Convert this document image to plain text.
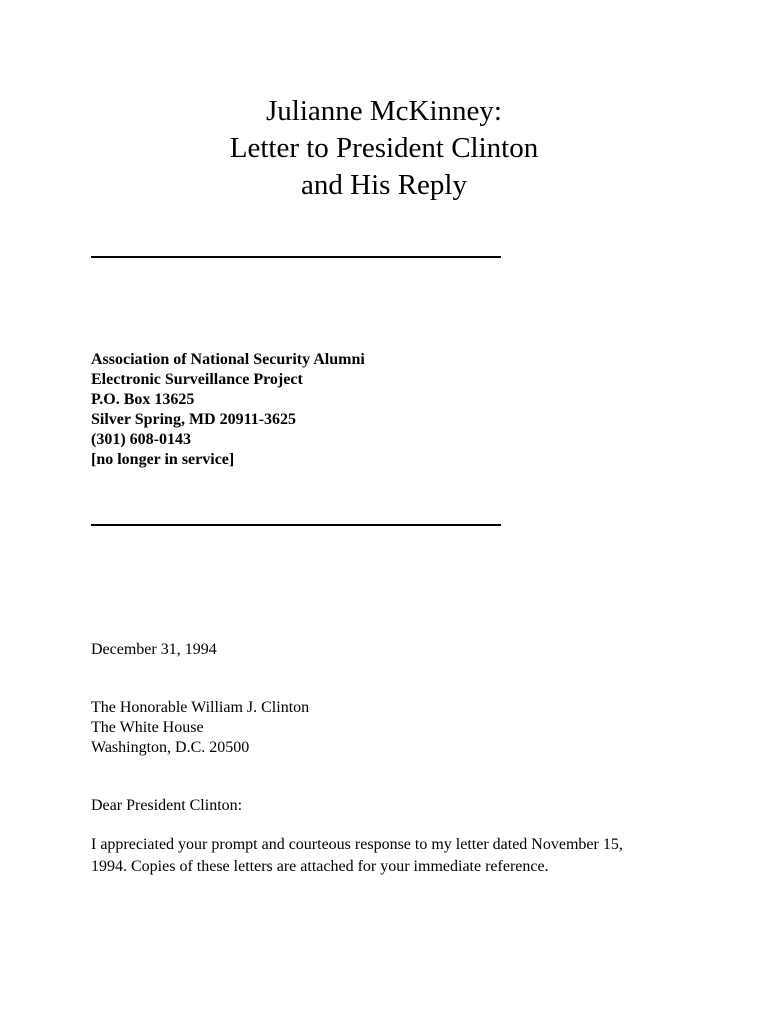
Julianne McKinney:
Letter to President Clinton
and His Reply
Association of National Security Alumni
Electronic Surveillance Project
P.O. Box 13625
Silver Spring, MD 20911-3625
(301) 608-0143
[no longer in service]
December 31, 1994
The Honorable William J. Clinton
The White House
Washington, D.C. 20500
Dear President Clinton:
I appreciated your prompt and courteous response to my letter dated November 15,
1994. Copies of these letters are attached for your immediate reference.
